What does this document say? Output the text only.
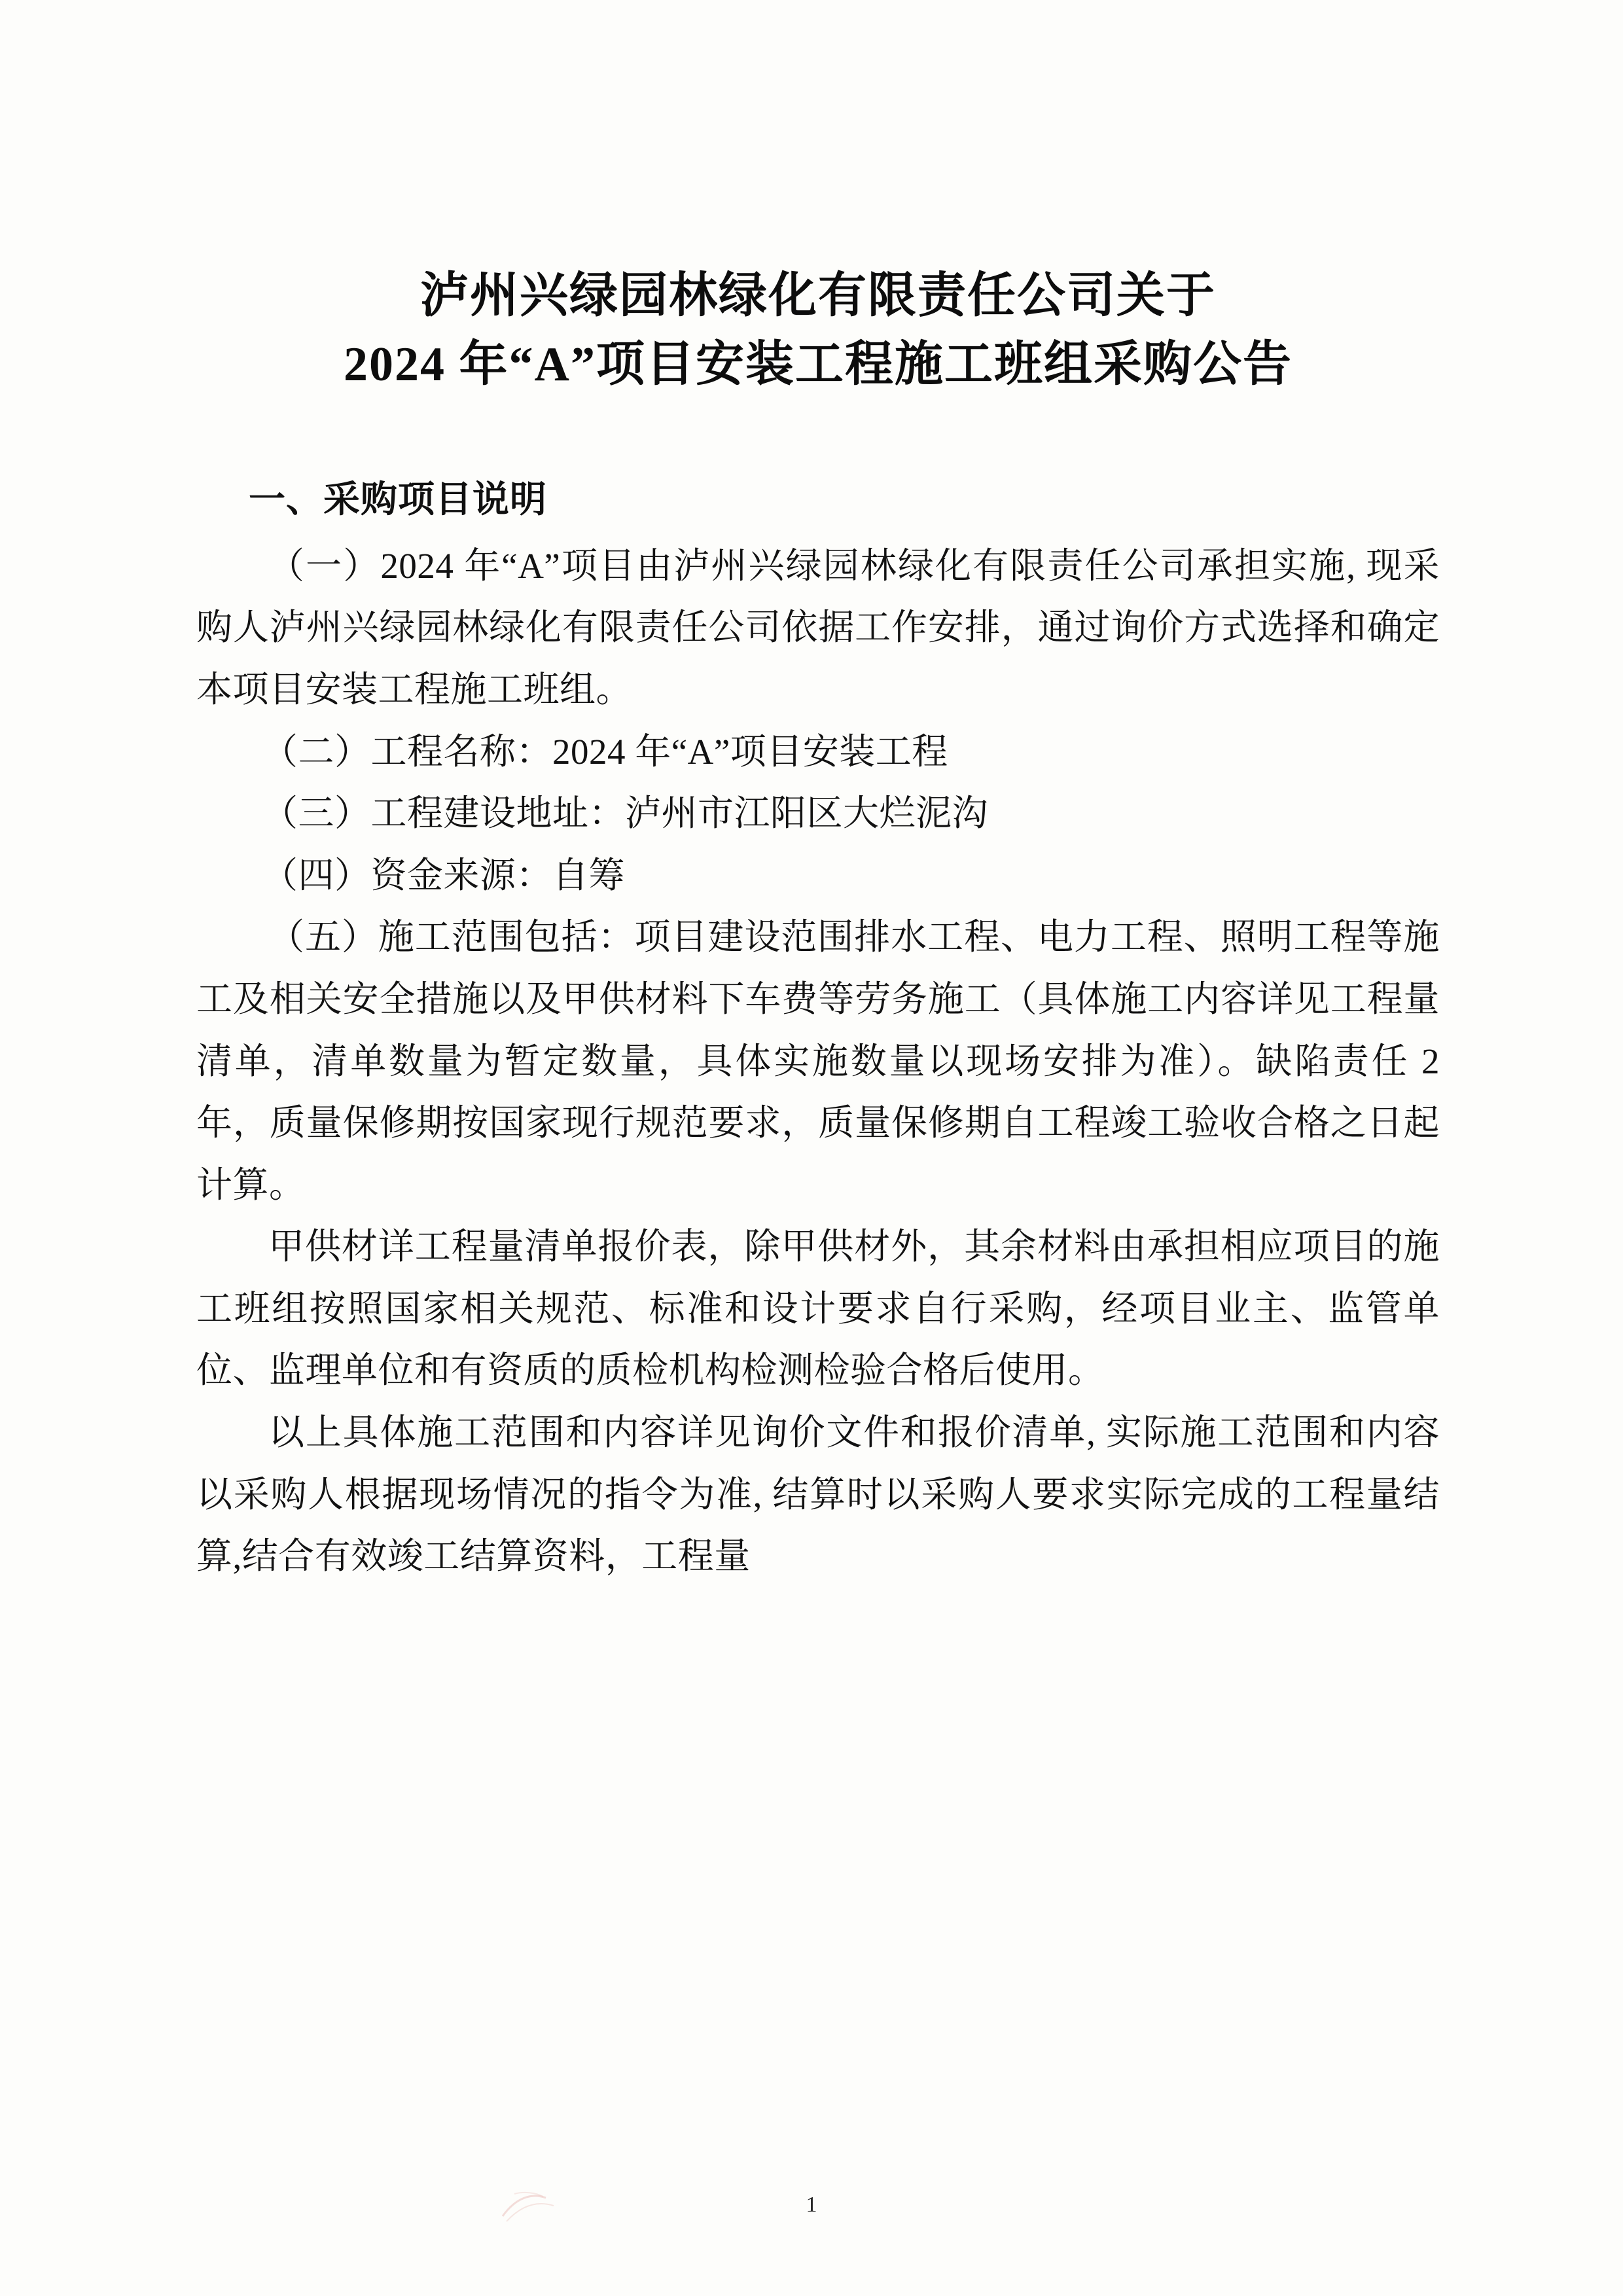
泸州兴绿园林绿化有限责任公司关于
2024 年“A”项目安装工程施工班组采购公告
一、采购项目说明

（一）2024 年“A”项目由泸州兴绿园林绿化有限责任公司承担实施, 现采购人泸州兴绿园林绿化有限责任公司依据工作安排，通过询价方式选择和确定本项目安装工程施工班组。

（二）工程名称：2024 年“A”项目安装工程

（三）工程建设地址：泸州市江阳区大烂泥沟

（四）资金来源：自筹

（五）施工范围包括：项目建设范围排水工程、电力工程、照明工程等施工及相关安全措施以及甲供材料下车费等劳务施工（具体施工内容详见工程量清单，清单数量为暂定数量，具体实施数量以现场安排为准）。缺陷责任 2 年，质量保修期按国家现行规范要求，质量保修期自工程竣工验收合格之日起计算。

甲供材详工程量清单报价表，除甲供材外，其余材料由承担相应项目的施工班组按照国家相关规范、标准和设计要求自行采购，经项目业主、监管单位、监理单位和有资质的质检机构检测检验合格后使用。

以上具体施工范围和内容详见询价文件和报价清单, 实际施工范围和内容以采购人根据现场情况的指令为准, 结算时以采购人要求实际完成的工程量结算,结合有效竣工结算资料，工程量

1
